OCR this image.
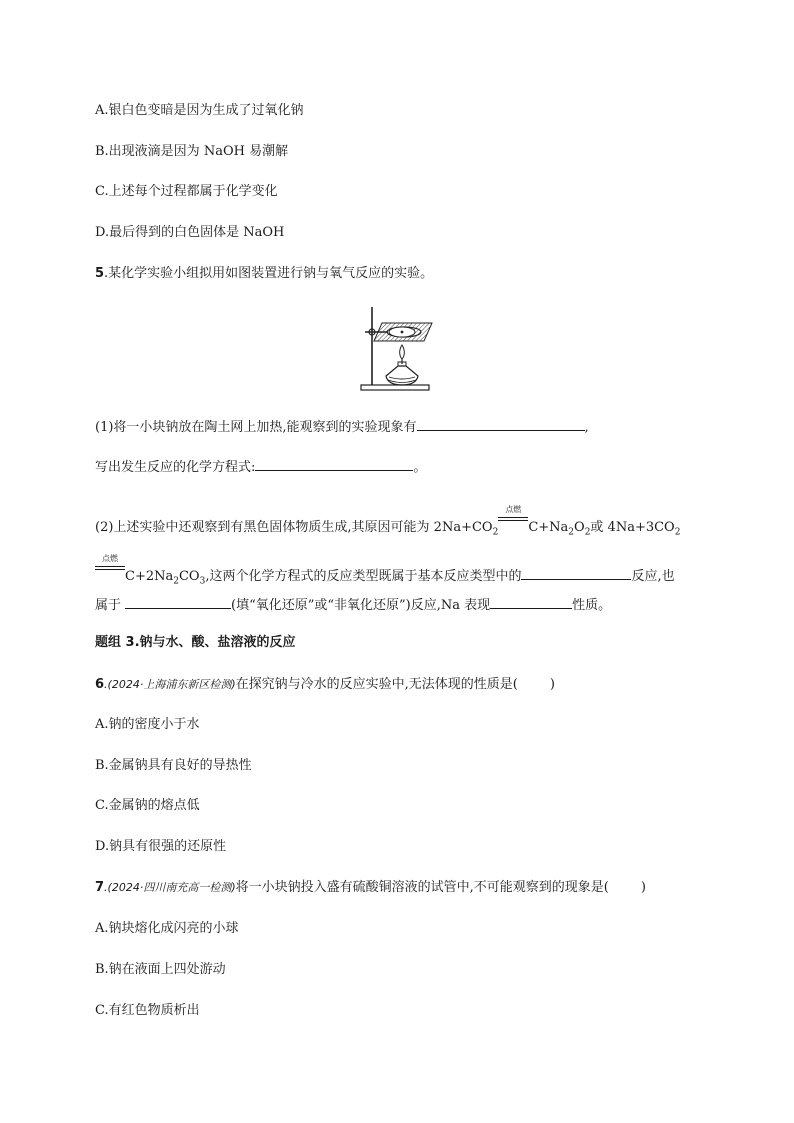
A.银白色变暗是因为生成了过氧化钠
B.出现液滴是因为 NaOH 易潮解
C.上述每个过程都属于化学变化
D.最后得到的白色固体是 NaOH
5.某化学实验小组拟用如图装置进行钠与氧气反应的实验。
(1)将一小块钠放在陶土网上加热,能观察到的实验现象有	,
写出发生反应的化学方程式:	。
(2)上述实验中还观察到有黑色固体物质生成,其原因可能为 $2Na+CO_2$
点燃
$C+Na_2O_2$或 $4Na+3CO_2$
点燃
$C+2Na_2CO_3$,这两个化学方程式的反应类型既属于基本反应类型中的	反应,也
属于	(填“氧化还原”或“非氧化还原”)反应,Na 表现	性质。
题组 3.钠与水、酸、盐溶液的反应
6.(2024·上海浦东新区检测)在探究钠与冷水的反应实验中,无法体现的性质是( )
A.钠的密度小于水
B.金属钠具有良好的导热性
C.金属钠的熔点低
D.钠具有很强的还原性
7.(2024·四川南充高一检测)将一小块钠投入盛有硫酸铜溶液的试管中,不可能观察到的现象是( )
A.钠块熔化成闪亮的小球
B.钠在液面上四处游动
C.有红色物质析出
